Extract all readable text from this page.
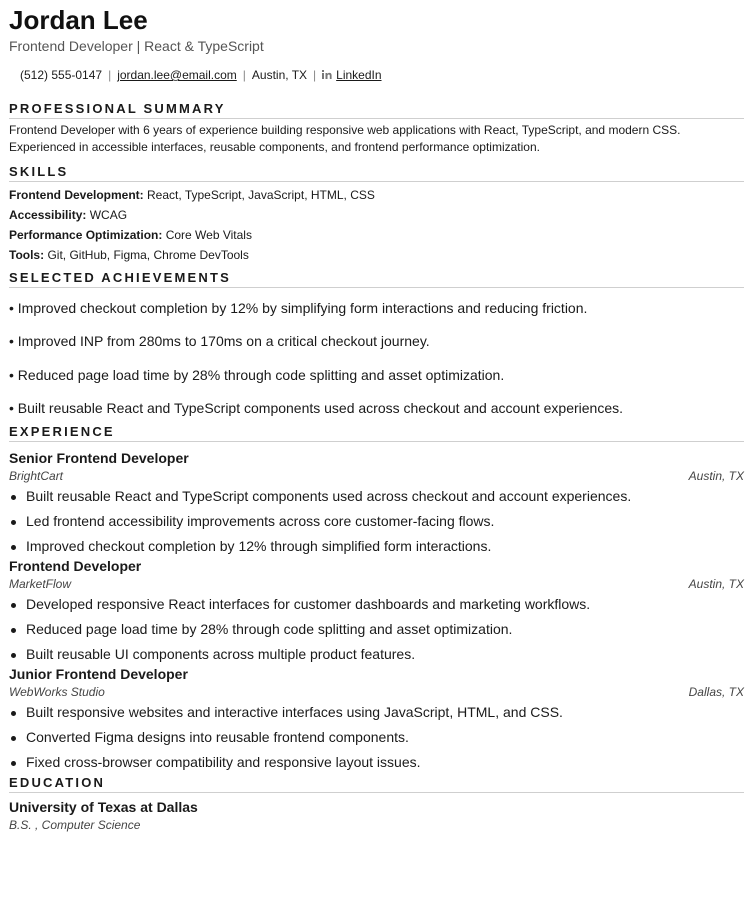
Jordan Lee
Frontend Developer | React & TypeScript
(512) 555-0147 | jordan.lee@email.com | Austin, TX | LinkedIn
PROFESSIONAL SUMMARY
Frontend Developer with 6 years of experience building responsive web applications with React, TypeScript, and modern CSS. Experienced in accessible interfaces, reusable components, and frontend performance optimization.
SKILLS
Frontend Development: React, TypeScript, JavaScript, HTML, CSS
Accessibility: WCAG
Performance Optimization: Core Web Vitals
Tools: Git, GitHub, Figma, Chrome DevTools
SELECTED ACHIEVEMENTS
• Improved checkout completion by 12% by simplifying form interactions and reducing friction.
• Improved INP from 280ms to 170ms on a critical checkout journey.
• Reduced page load time by 28% through code splitting and asset optimization.
• Built reusable React and TypeScript components used across checkout and account experiences.
EXPERIENCE
Senior Frontend Developer
BrightCart	Austin, TX
Built reusable React and TypeScript components used across checkout and account experiences.
Led frontend accessibility improvements across core customer-facing flows.
Improved checkout completion by 12% through simplified form interactions.
Frontend Developer
MarketFlow	Austin, TX
Developed responsive React interfaces for customer dashboards and marketing workflows.
Reduced page load time by 28% through code splitting and asset optimization.
Built reusable UI components across multiple product features.
Junior Frontend Developer
WebWorks Studio	Dallas, TX
Built responsive websites and interactive interfaces using JavaScript, HTML, and CSS.
Converted Figma designs into reusable frontend components.
Fixed cross-browser compatibility and responsive layout issues.
EDUCATION
University of Texas at Dallas
B.S. , Computer Science
